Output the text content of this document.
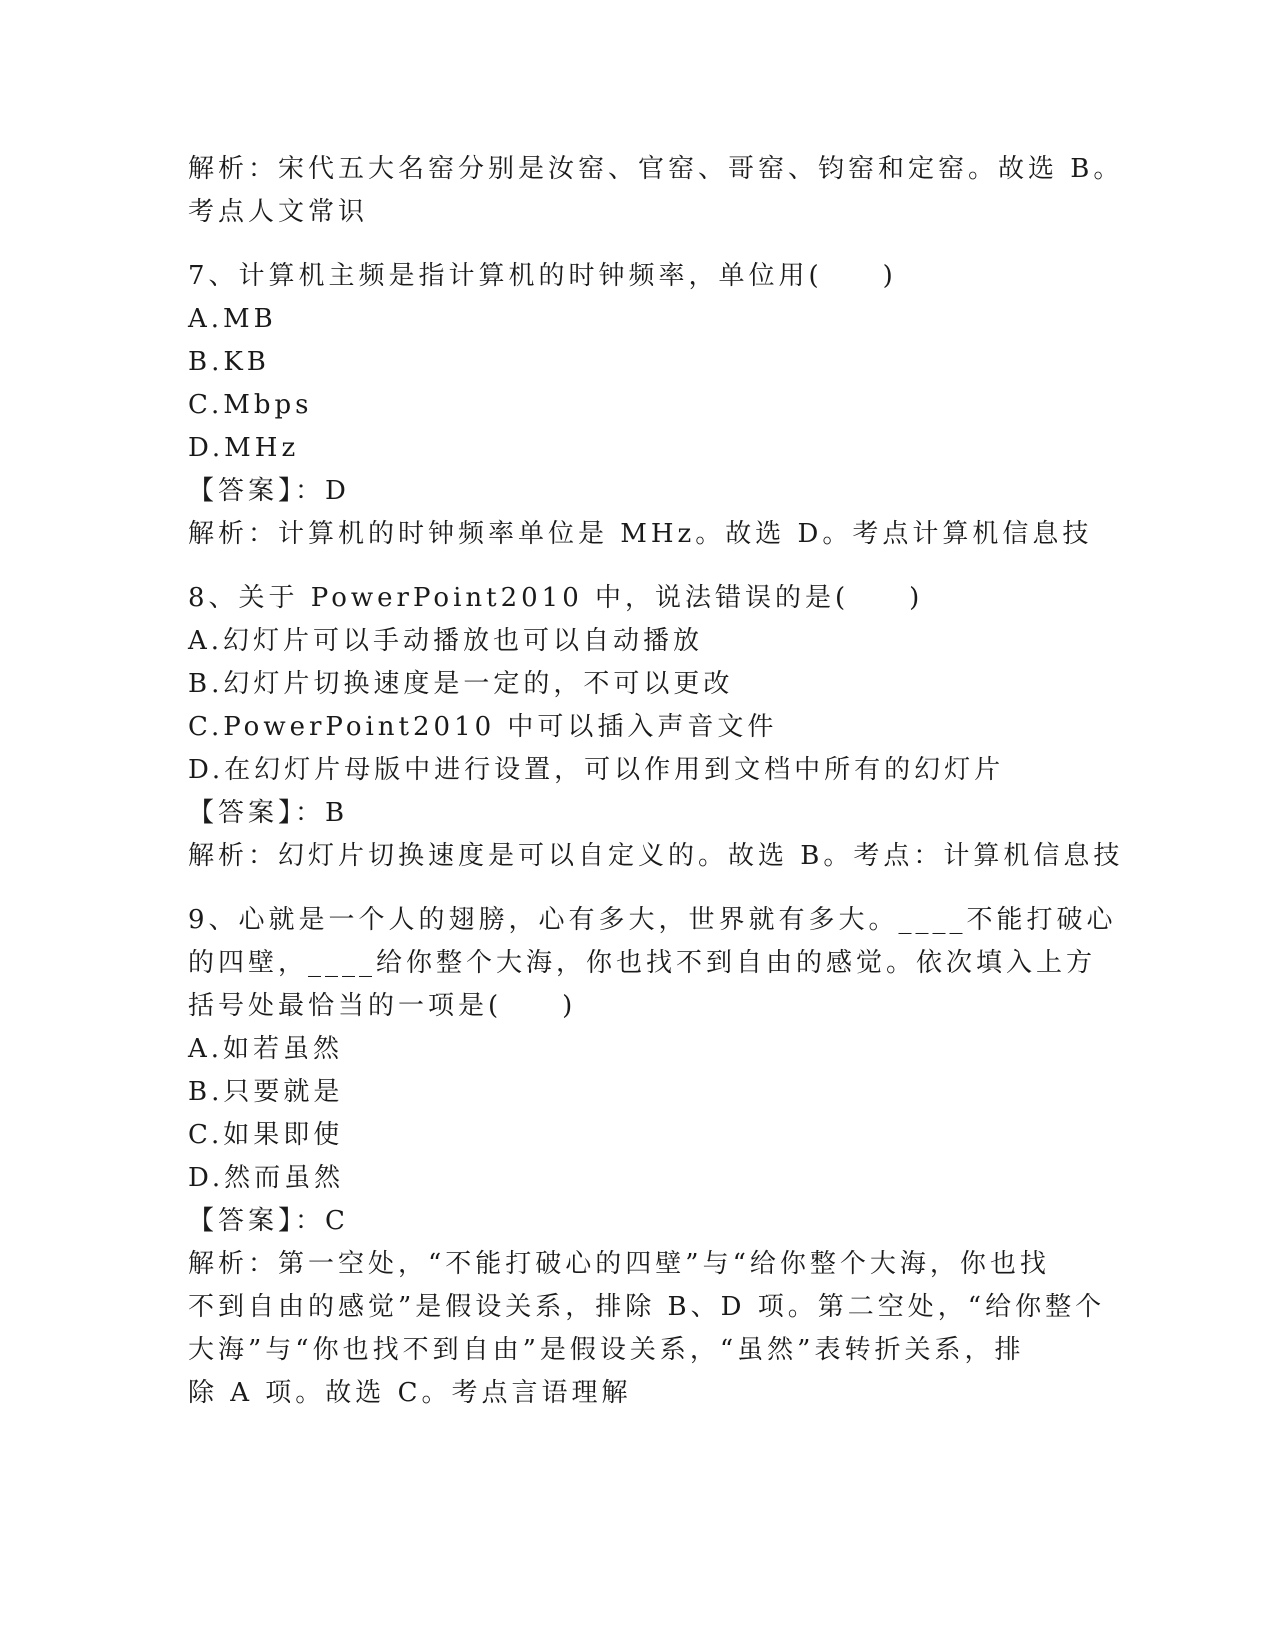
解析：宋代五大名窑分别是汝窑、官窑、哥窑、钧窑和定窑。故选 B。
考点人文常识
7、计算机主频是指计算机的时钟频率，单位用(　　)
A.MB
B.KB
C.Mbps
D.MHz
【答案】：D
解析：计算机的时钟频率单位是 MHz。故选 D。考点计算机信息技
8、关于 PowerPoint2010 中，说法错误的是(　　)
A.幻灯片可以手动播放也可以自动播放
B.幻灯片切换速度是一定的，不可以更改
C.PowerPoint2010 中可以插入声音文件
D.在幻灯片母版中进行设置，可以作用到文档中所有的幻灯片
【答案】：B
解析：幻灯片切换速度是可以自定义的。故选 B。考点：计算机信息技
9、心就是一个人的翅膀，心有多大，世界就有多大。____不能打破心
的四壁，____给你整个大海，你也找不到自由的感觉。依次填入上方
括号处最恰当的一项是(　　)
A.如若虽然
B.只要就是
C.如果即使
D.然而虽然
【答案】：C
解析：第一空处，“不能打破心的四壁”与“给你整个大海，你也找
不到自由的感觉”是假设关系，排除 B、D 项。第二空处，“给你整个
大海”与“你也找不到自由”是假设关系，“虽然”表转折关系，排
除 A 项。故选 C。考点言语理解
